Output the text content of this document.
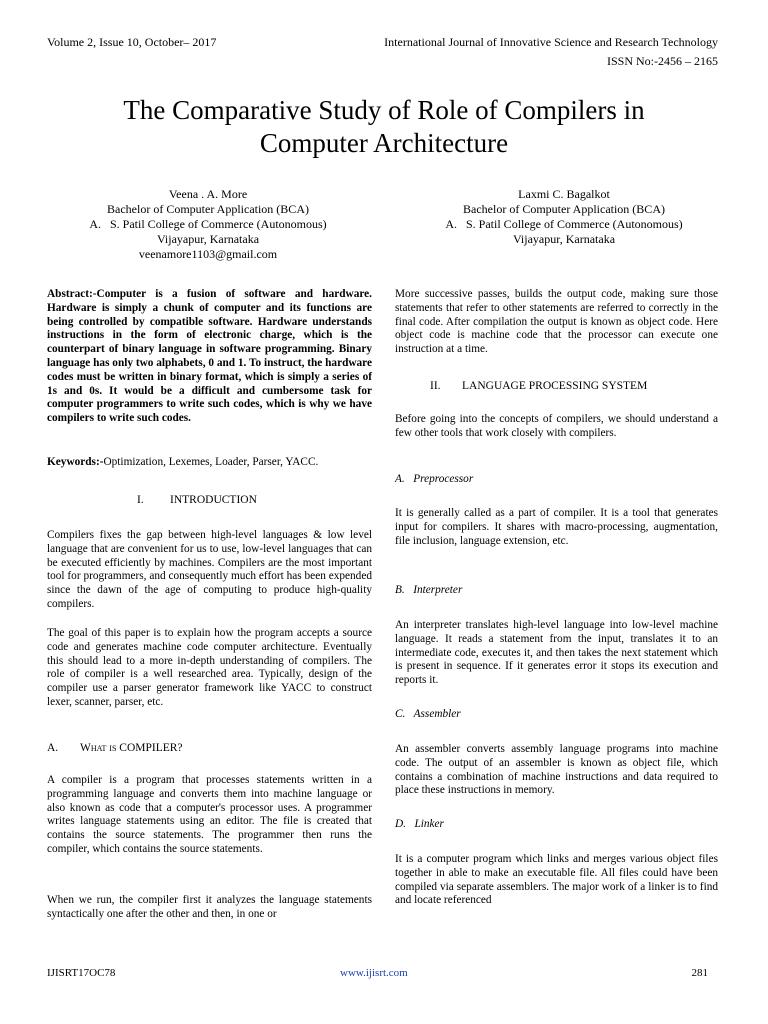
Volume 2, Issue 10, October– 2017	International Journal of Innovative Science and Research Technology
ISSN No:-2456 – 2165
The Comparative Study of Role of Compilers in
Computer Architecture
Veena . A. More
Bachelor of Computer Application (BCA)
A.   S. Patil College of Commerce (Autonomous)
Vijayapur, Karnataka
veenamore1103@gmail.com
Laxmi C. Bagalkot
Bachelor of Computer Application (BCA)
A.   S. Patil College of Commerce (Autonomous)
Vijayapur, Karnataka
Abstract:-Computer is a fusion of software and hardware. Hardware is simply a chunk of computer and its functions are being controlled by compatible software. Hardware understands instructions in the form of electronic charge, which is the counterpart of binary language in software programming. Binary language has only two alphabets, 0 and 1. To instruct, the hardware codes must be written in binary format, which is simply a series of 1s and 0s. It would be a difficult and cumbersome task for computer programmers to write such codes, which is why we have compilers to write such codes.
Keywords:-Optimization, Lexemes, Loader, Parser, YACC.
I. INTRODUCTION
Compilers fixes the gap between high-level languages & low level language that are convenient for us to use, low-level languages that can be executed efficiently by machines. Compilers are the most important tool for programmers, and consequently much effort has been expended since the dawn of the age of computing to produce high-quality compilers.
The goal of this paper is to explain how the program accepts a source code and generates machine code computer architecture. Eventually this should lead to a more in-depth understanding of compilers. The role of compiler is a well researched area. Typically, design of the compiler use a parser generator framework like YACC to construct lexer, scanner, parser, etc.
A. What is COMPILER?
A compiler is a program that processes statements written in a programming language and converts them into machine language or also known as code that a computer's processor uses. A programmer writes language statements using an editor. The file is created that contains the source statements. The programmer then runs the compiler, which contains the source statements.
When we run, the compiler first it analyzes the language statements syntactically one after the other and then, in one or
More successive passes, builds the output code, making sure those statements that refer to other statements are referred to correctly in the final code. After compilation the output is known as object code. Here object code is machine code that the processor can execute one instruction at a time.
II. LANGUAGE PROCESSING SYSTEM
Before going into the concepts of compilers, we should understand a few other tools that work closely with compilers.
A.   Preprocessor
It is generally called as a part of compiler. It is a tool that generates input for compilers. It shares with macro-processing, augmentation, file inclusion, language extension, etc.
B.   Interpreter
An interpreter translates high-level language into low-level machine language. It reads a statement from the input, translates it to an intermediate code, executes it, and then takes the next statement which is present in sequence. If it generates error it stops its execution and reports it.
C.   Assembler
An assembler converts assembly language programs into machine code. The output of an assembler is known as object file, which contains a combination of machine instructions and data required to place these instructions in memory.
D.   Linker
It is a computer program which links and merges various object files together in able to make an executable file. All files could have been compiled via separate assemblers. The major work of a linker is to find and locate referenced
IJISRT17OC78	www.ijisrt.com	281
